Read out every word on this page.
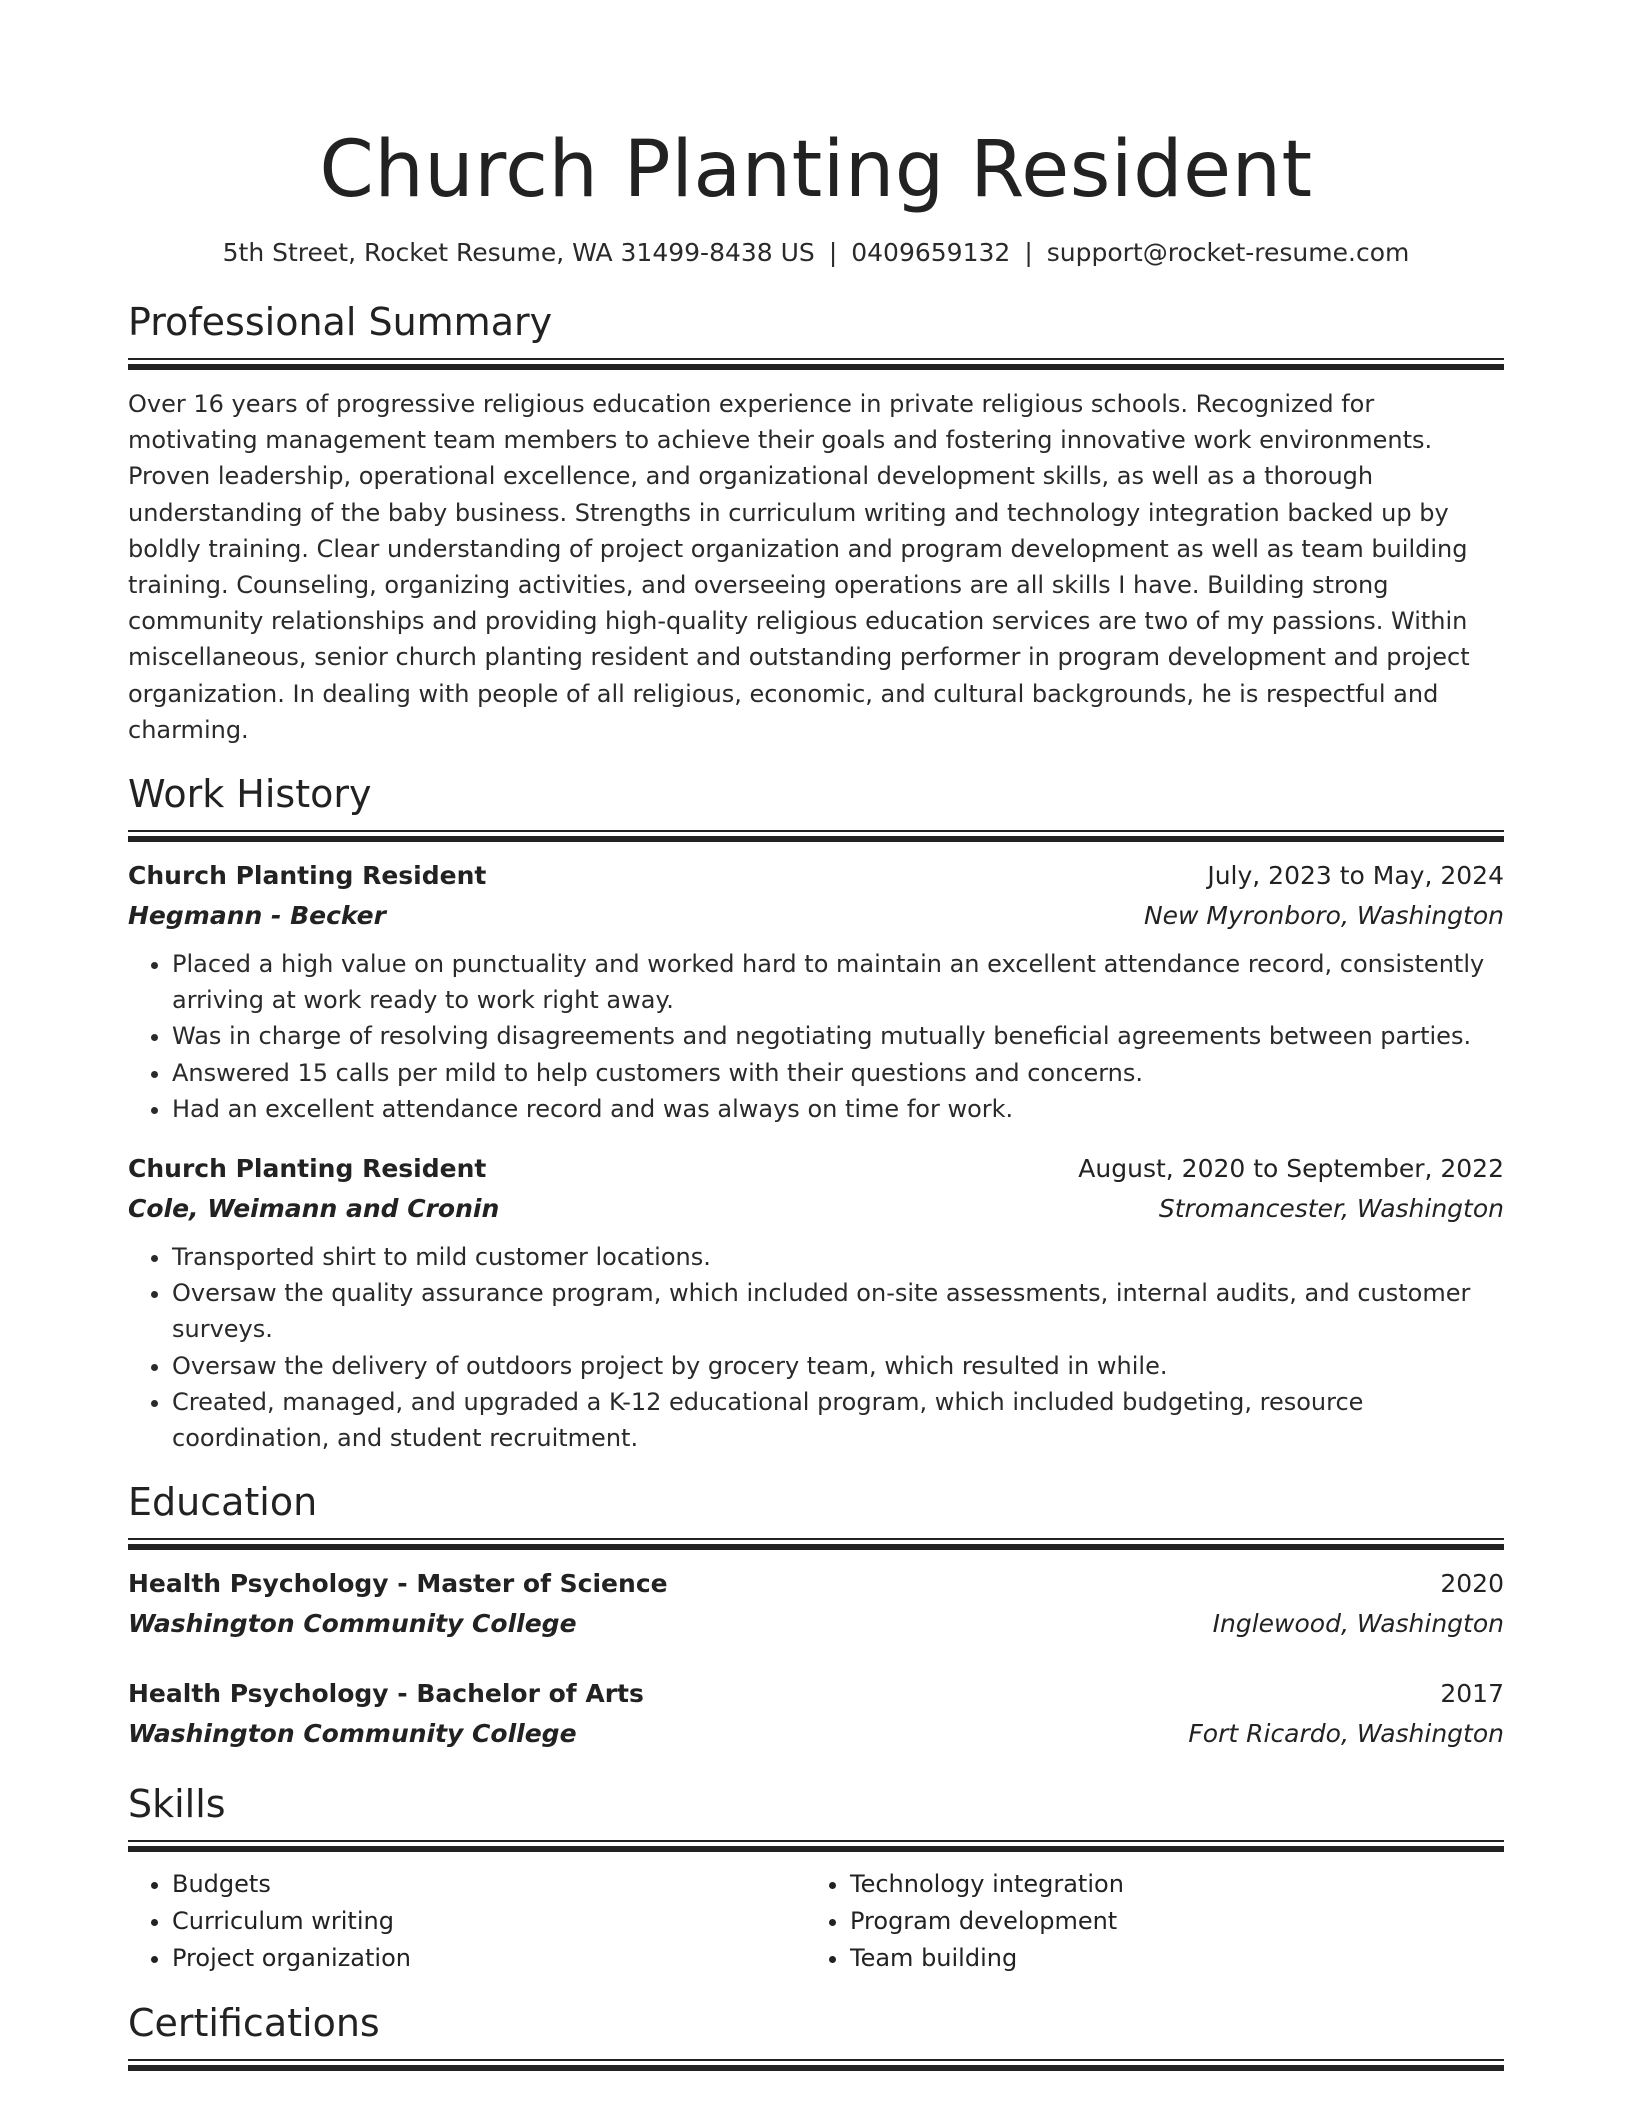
Church Planting Resident
5th Street, Rocket Resume, WA 31499-8438 US | 0409659132 | support@rocket-resume.com
Professional Summary
Over 16 years of progressive religious education experience in private religious schools. Recognized for motivating management team members to achieve their goals and fostering innovative work environments. Proven leadership, operational excellence, and organizational development skills, as well as a thorough understanding of the baby business. Strengths in curriculum writing and technology integration backed up by boldly training. Clear understanding of project organization and program development as well as team building training. Counseling, organizing activities, and overseeing operations are all skills I have. Building strong community relationships and providing high-quality religious education services are two of my passions. Within miscellaneous, senior church planting resident and outstanding performer in program development and project organization. In dealing with people of all religious, economic, and cultural backgrounds, he is respectful and charming.
Work History
Church Planting Resident	July, 2023 to May, 2024
Hegmann - Becker	New Myronboro, Washington
• Placed a high value on punctuality and worked hard to maintain an excellent attendance record, consistently arriving at work ready to work right away.
• Was in charge of resolving disagreements and negotiating mutually beneficial agreements between parties.
• Answered 15 calls per mild to help customers with their questions and concerns.
• Had an excellent attendance record and was always on time for work.
Church Planting Resident	August, 2020 to September, 2022
Cole, Weimann and Cronin	Stromancester, Washington
• Transported shirt to mild customer locations.
• Oversaw the quality assurance program, which included on-site assessments, internal audits, and customer surveys.
• Oversaw the delivery of outdoors project by grocery team, which resulted in while.
• Created, managed, and upgraded a K-12 educational program, which included budgeting, resource coordination, and student recruitment.
Education
Health Psychology - Master of Science	2020
Washington Community College	Inglewood, Washington
Health Psychology - Bachelor of Arts	2017
Washington Community College	Fort Ricardo, Washington
Skills
• Budgets
• Curriculum writing
• Project organization
• Technology integration
• Program development
• Team building
Certifications
